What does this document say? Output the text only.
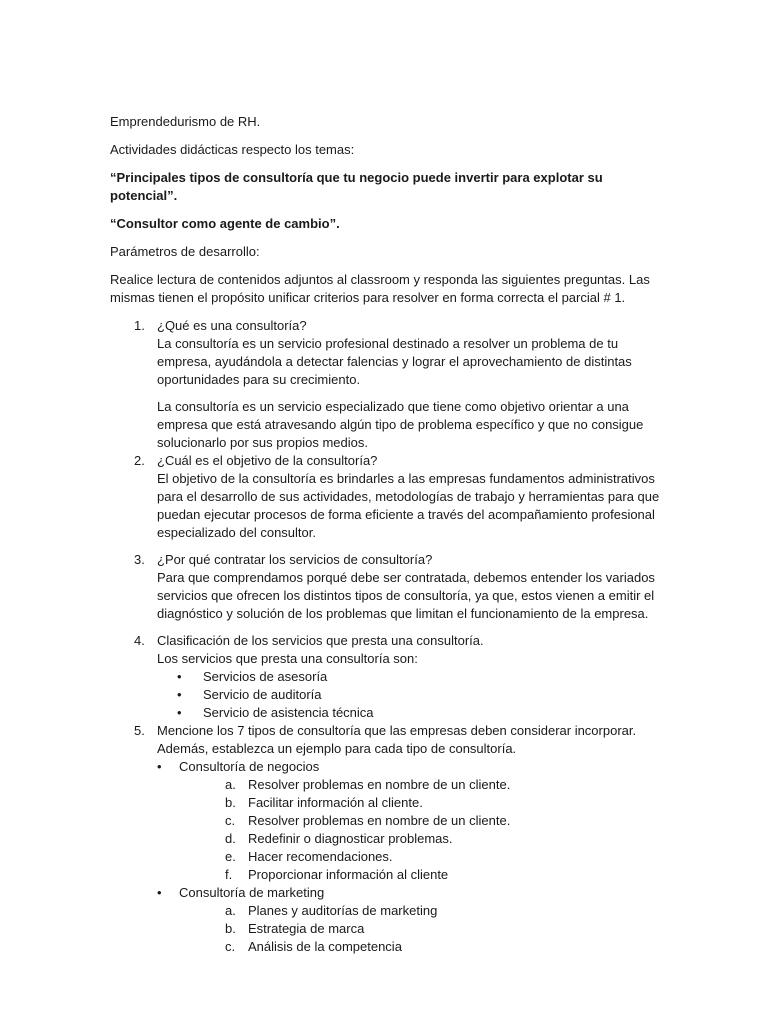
Emprendedurismo de RH.

Actividades didácticas respecto los temas:

“Principales tipos de consultoría que tu negocio puede invertir para explotar su potencial”.

“Consultor como agente de cambio”.

Parámetros de desarrollo:

Realice lectura de contenidos adjuntos al classroom y responda las siguientes preguntas. Las mismas tienen el propósito unificar criterios para resolver en forma correcta el parcial # 1.

1. ¿Qué es una consultoría?

La consultoría es un servicio profesional destinado a resolver un problema de tu empresa, ayudándola a detectar falencias y lograr el aprovechamiento de distintas oportunidades para su crecimiento.

La consultoría es un servicio especializado que tiene como objetivo orientar a una empresa que está atravesando algún tipo de problema específico y que no consigue solucionarlo por sus propios medios.

2. ¿Cuál es el objetivo de la consultoría?

El objetivo de la consultoría es brindarles a las empresas fundamentos administrativos para el desarrollo de sus actividades, metodologías de trabajo y herramientas para que puedan ejecutar procesos de forma eficiente a través del acompañamiento profesional especializado del consultor.

3. ¿Por qué contratar los servicios de consultoría?

Para que comprendamos porqué debe ser contratada, debemos entender los variados servicios que ofrecen los distintos tipos de consultoría, ya que, estos vienen a emitir el diagnóstico y solución de los problemas que limitan el funcionamiento de la empresa.

4. Clasificación de los servicios que presta una consultoría.

Los servicios que presta una consultoría son:

• Servicios de asesoría
• Servicio de auditoría
• Servicio de asistencia técnica
5. Mencione los 7 tipos de consultoría que las empresas deben considerar incorporar. Además, establezca un ejemplo para cada tipo de consultoría.

• Consultoría de negocios
a. Resolver problemas en nombre de un cliente.
b. Facilitar información al cliente.
c. Resolver problemas en nombre de un cliente.
d. Redefinir o diagnosticar problemas.
e. Hacer recomendaciones.
f. Proporcionar información al cliente
• Consultoría de marketing
a. Planes y auditorías de marketing
b. Estrategia de marca
c. Análisis de la competencia
